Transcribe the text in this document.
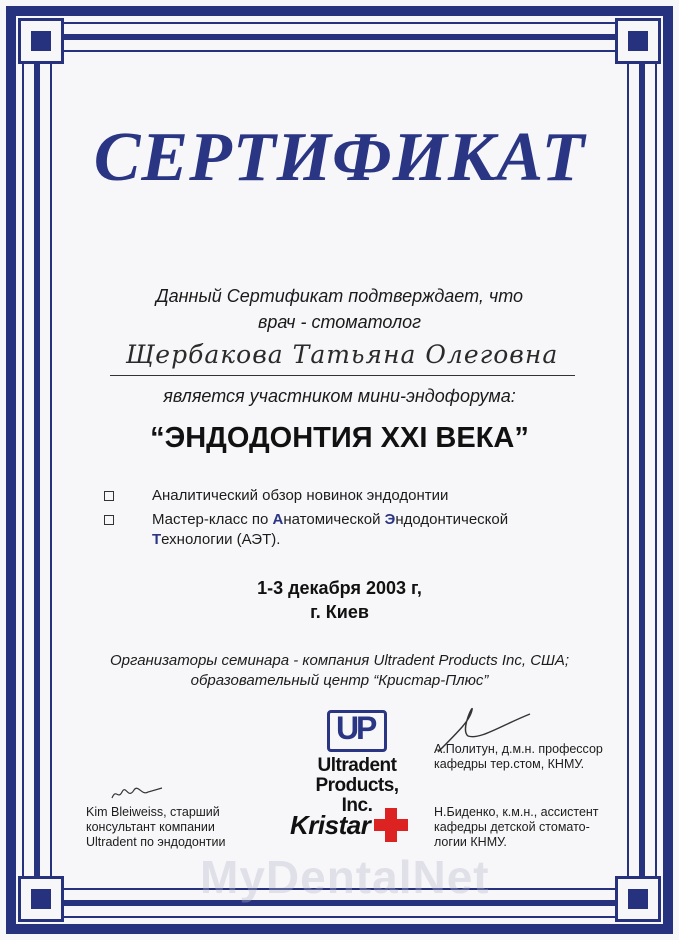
СЕРТИФИКАТ
Данный Сертификат подтверждает, что
врач - стоматолог
Щербакова Татьяна Олеговна
является участником мини-эндофорума:
“ЭНДОДОНТИЯ XXI ВЕКА”
Аналитический обзор новинок эндодонтии
Мастер-класс по Анатомической Эндодонтической Технологии (АЭТ).
1-3 декабря 2003 г,
г. Киев
Организаторы семинара - компания Ultradent Products Inc, США;
образовательный центр “Кристар-Плюс”
U P
Ultradent Products, Inc.
А.Политун, д.м.н. профессор
кафедры тер.стом, КНМУ.
Kim Bleiweiss, старший
консультант компании
Ultradent по эндодонтии
Kristar	Н.Биденко, к.м.н., ассистент
кафедры детской стомато-
логии КНМУ.
MyDentalNet
